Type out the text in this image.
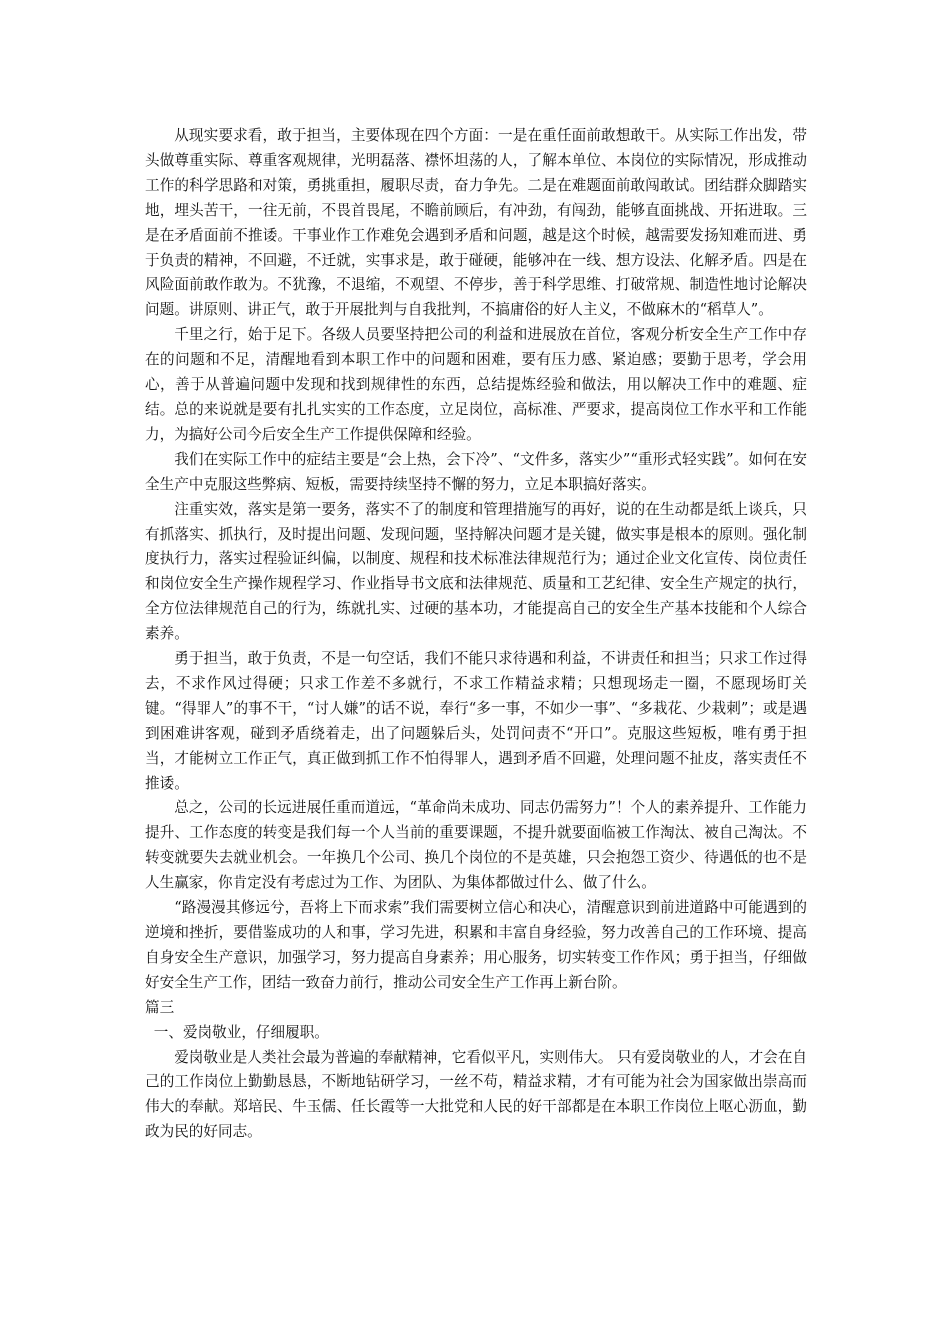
从现实要求看，敢于担当，主要体现在四个方面：一是在重任面前敢想敢干。从实际工作出发，带头做尊重实际、尊重客观规律，光明磊落、襟怀坦荡的人，了解本单位、本岗位的实际情况，形成推动工作的科学思路和对策，勇挑重担，履职尽责，奋力争先。二是在难题面前敢闯敢试。团结群众脚踏实地，埋头苦干，一往无前，不畏首畏尾，不瞻前顾后，有冲劲，有闯劲，能够直面挑战、开拓进取。三是在矛盾面前不推诿。干事业作工作难免会遇到矛盾和问题，越是这个时候，越需要发扬知难而进、勇于负责的精神，不回避，不迁就，实事求是，敢于碰硬，能够冲在一线、想方设法、化解矛盾。四是在风险面前敢作敢为。不犹豫，不退缩，不观望、不停步，善于科学思维、打破常规、制造性地讨论解决问题。讲原则、讲正气，敢于开展批判与自我批判，不搞庸俗的好人主义，不做麻木的“稻草人”。

千里之行，始于足下。各级人员要坚持把公司的利益和进展放在首位，客观分析安全生产工作中存在的问题和不足，清醒地看到本职工作中的问题和困难，要有压力感、紧迫感；要勤于思考，学会用心，善于从普遍问题中发现和找到规律性的东西，总结提炼经验和做法，用以解决工作中的难题、症结。总的来说就是要有扎扎实实的工作态度，立足岗位，高标准、严要求，提高岗位工作水平和工作能力，为搞好公司今后安全生产工作提供保障和经验。

我们在实际工作中的症结主要是“会上热，会下冷”、“文件多，落实少”“重形式轻实践”。如何在安全生产中克服这些弊病、短板，需要持续坚持不懈的努力，立足本职搞好落实。

注重实效，落实是第一要务，落实不了的制度和管理措施写的再好，说的在生动都是纸上谈兵，只有抓落实、抓执行，及时提出问题、发现问题，坚持解决问题才是关键，做实事是根本的原则。强化制度执行力，落实过程验证纠偏，以制度、规程和技术标准法律规范行为；通过企业文化宣传、岗位责任和岗位安全生产操作规程学习、作业指导书文底和法律规范、质量和工艺纪律、安全生产规定的执行，全方位法律规范自己的行为，练就扎实、过硬的基本功，才能提高自己的安全生产基本技能和个人综合素养。

勇于担当，敢于负责，不是一句空话，我们不能只求待遇和利益，不讲责任和担当；只求工作过得去，不求作风过得硬；只求工作差不多就行，不求工作精益求精；只想现场走一圈，不愿现场盯关键。“得罪人”的事不干，“讨人嫌”的话不说，奉行“多一事，不如少一事”、“多栽花、少栽刺”；或是遇到困难讲客观，碰到矛盾绕着走，出了问题躲后头，处罚问责不“开口”。克服这些短板，唯有勇于担当，才能树立工作正气，真正做到抓工作不怕得罪人，遇到矛盾不回避，处理问题不扯皮，落实责任不推诿。

总之，公司的长远进展任重而道远，“革命尚未成功、同志仍需努力”！个人的素养提升、工作能力提升、工作态度的转变是我们每一个人当前的重要课题，不提升就要面临被工作淘汰、被自己淘汰。不转变就要失去就业机会。一年换几个公司、换几个岗位的不是英雄，只会抱怨工资少、待遇低的也不是人生赢家，你肯定没有考虑过为工作、为团队、为集体都做过什么、做了什么。

“路漫漫其修远兮，吾将上下而求索”我们需要树立信心和决心，清醒意识到前进道路中可能遇到的逆境和挫折，要借鉴成功的人和事，学习先进，积累和丰富自身经验，努力改善自己的工作环境、提高自身安全生产意识，加强学习，努力提高自身素养；用心服务，切实转变工作作风；勇于担当，仔细做好安全生产工作，团结一致奋力前行，推动公司安全生产工作再上新台阶。

篇三

一、爱岗敬业，仔细履职。

爱岗敬业是人类社会最为普遍的奉献精神，它看似平凡，实则伟大。 只有爱岗敬业的人，才会在自己的工作岗位上勤勤恳恳，不断地钻研学习，一丝不苟，精益求精，才有可能为社会为国家做出崇高而伟大的奉献。郑培民、牛玉儒、任长霞等一大批党和人民的好干部都是在本职工作岗位上呕心沥血，勤政为民的好同志。
